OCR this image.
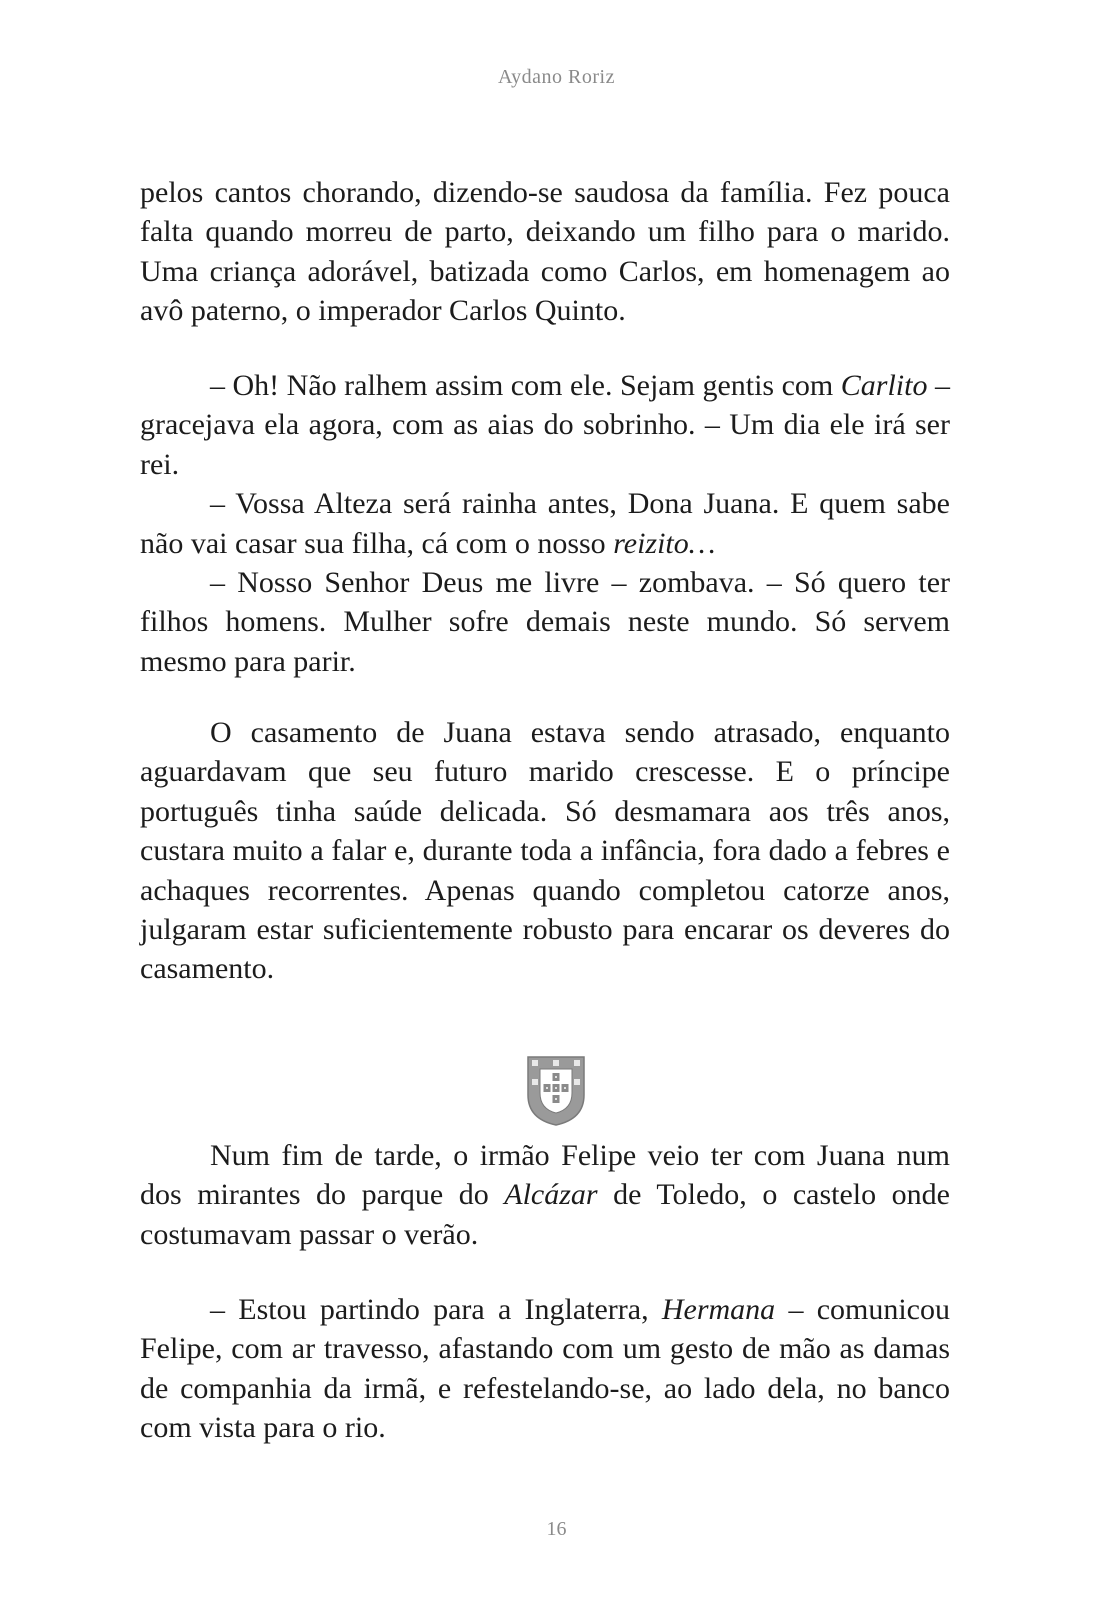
Aydano Roriz

pelos cantos chorando, dizendo-se saudosa da família. Fez pouca falta quando morreu de parto, deixando um filho para o marido. Uma criança adorável, batizada como Carlos, em homenagem ao avô paterno, o imperador Carlos Quinto.

– Oh! Não ralhem assim com ele. Sejam gentis com Carlito – gracejava ela agora, com as aias do sobrinho. – Um dia ele irá ser rei.

– Vossa Alteza será rainha antes, Dona Juana. E quem sabe não vai casar sua filha, cá com o nosso reizito…

– Nosso Senhor Deus me livre – zombava. – Só quero ter filhos homens. Mulher sofre demais neste mundo. Só servem mesmo para parir.

O casamento de Juana estava sendo atrasado, enquanto aguardavam que seu futuro marido crescesse. E o príncipe português tinha saúde delicada. Só desmamara aos três anos, custara muito a falar e, durante toda a infância, fora dado a febres e achaques recorrentes. Apenas quando completou catorze anos, julgaram estar suficientemente robusto para encarar os deveres do casamento.

Num fim de tarde, o irmão Felipe veio ter com Juana num dos mirantes do parque do Alcázar de Toledo, o castelo onde costumavam passar o verão.

– Estou partindo para a Inglaterra, Hermana – comunicou Felipe, com ar travesso, afastando com um gesto de mão as damas de companhia da irmã, e refestelando-se, ao lado dela, no banco com vista para o rio.

16
